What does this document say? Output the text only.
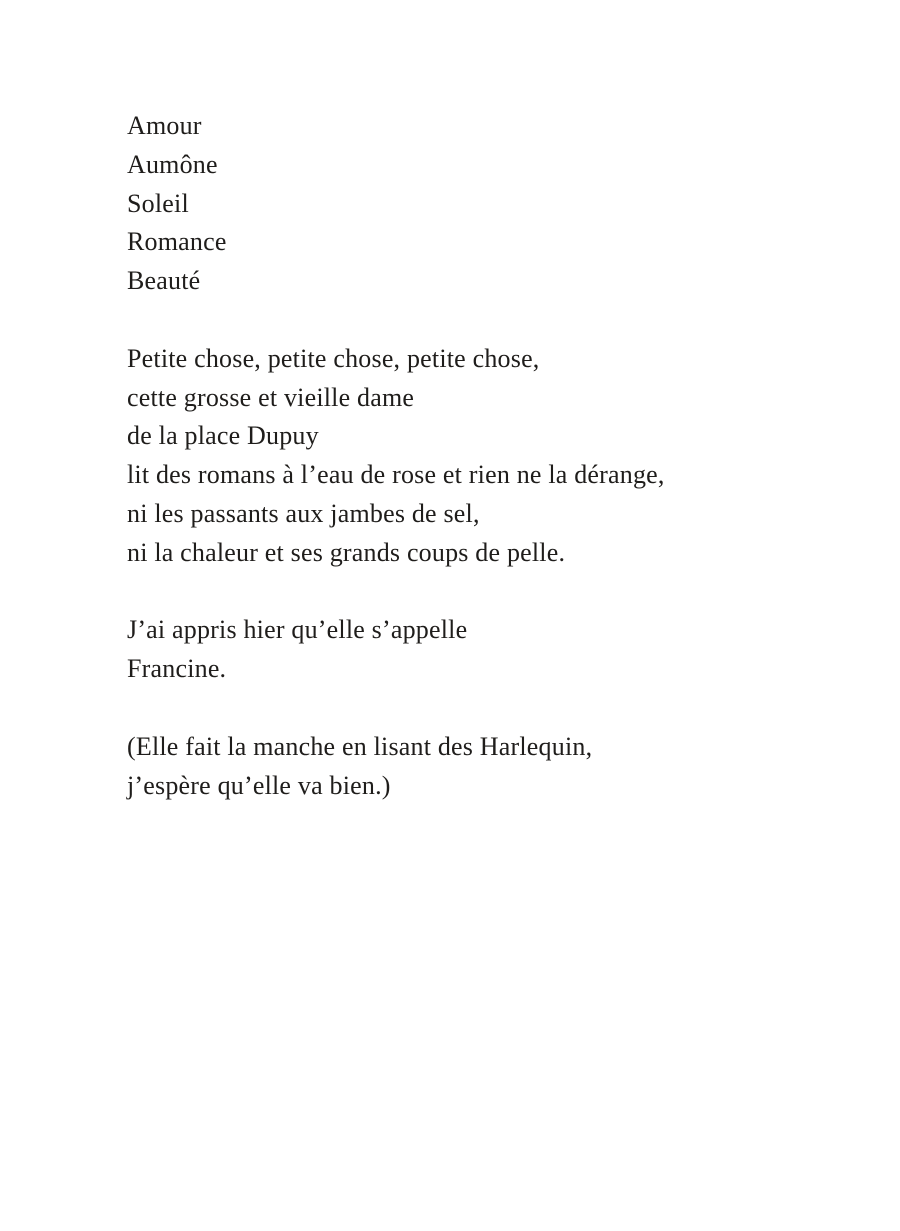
Amour
Aumône
Soleil
Romance
Beauté
Petite chose, petite chose, petite chose,
cette grosse et vieille dame
de la place Dupuy
lit des romans à l’eau de rose et rien ne la dérange,
ni les passants aux jambes de sel,
ni la chaleur et ses grands coups de pelle.
J’ai appris hier qu’elle s’appelle
Francine.
(Elle fait la manche en lisant des Harlequin,
j’espère qu’elle va bien.)
